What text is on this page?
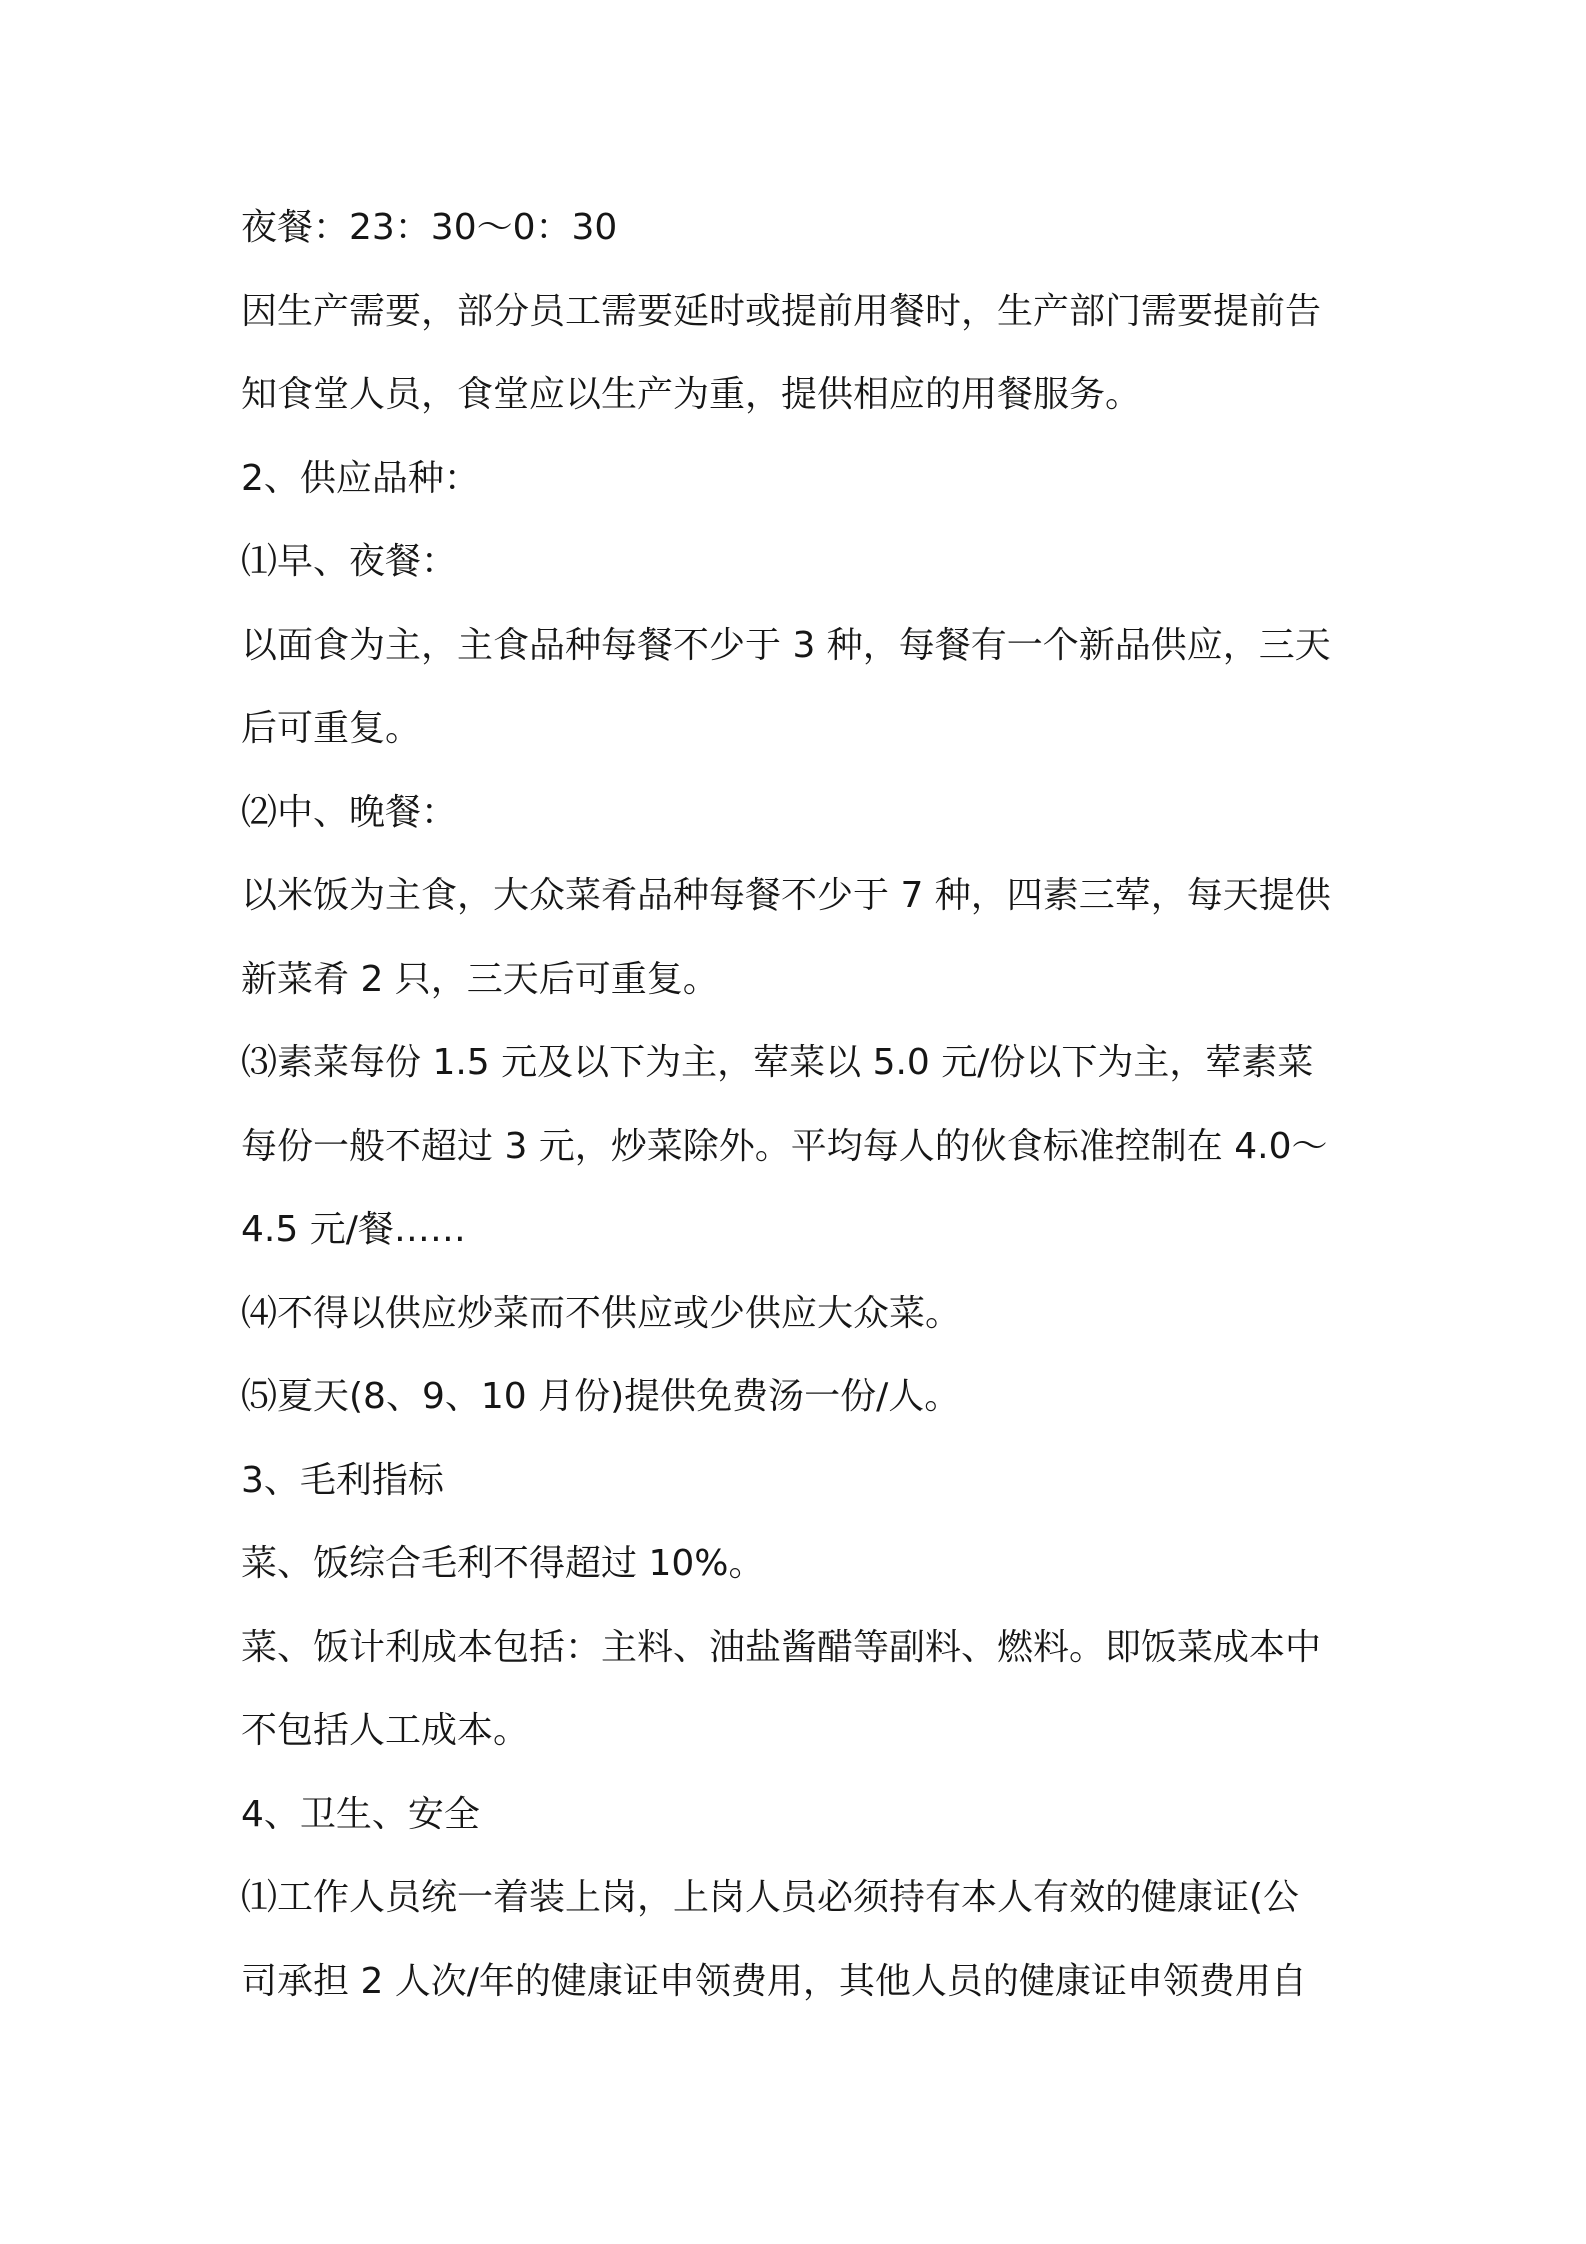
夜餐：23：30～0：30
因生产需要，部分员工需要延时或提前用餐时，生产部门需要提前告
知食堂人员，食堂应以生产为重，提供相应的用餐服务。
2、供应品种：
⑴早、夜餐：
以面食为主，主食品种每餐不少于 3 种，每餐有一个新品供应，三天
后可重复。
⑵中、晚餐：
以米饭为主食，大众菜肴品种每餐不少于 7 种，四素三荤，每天提供
新菜肴 2 只，三天后可重复。
⑶素菜每份 1.5 元及以下为主，荤菜以 5.0 元/份以下为主，荤素菜
每份一般不超过 3 元，炒菜除外。平均每人的伙食标准控制在 4.0～
4.5 元/餐……
⑷不得以供应炒菜而不供应或少供应大众菜。
⑸夏天(8、9、10 月份)提供免费汤一份/人。
3、毛利指标
菜、饭综合毛利不得超过 10%。
菜、饭计利成本包括：主料、油盐酱醋等副料、燃料。即饭菜成本中
不包括人工成本。
4、卫生、安全
⑴工作人员统一着装上岗，上岗人员必须持有本人有效的健康证(公
司承担 2 人次/年的健康证申领费用，其他人员的健康证申领费用自
